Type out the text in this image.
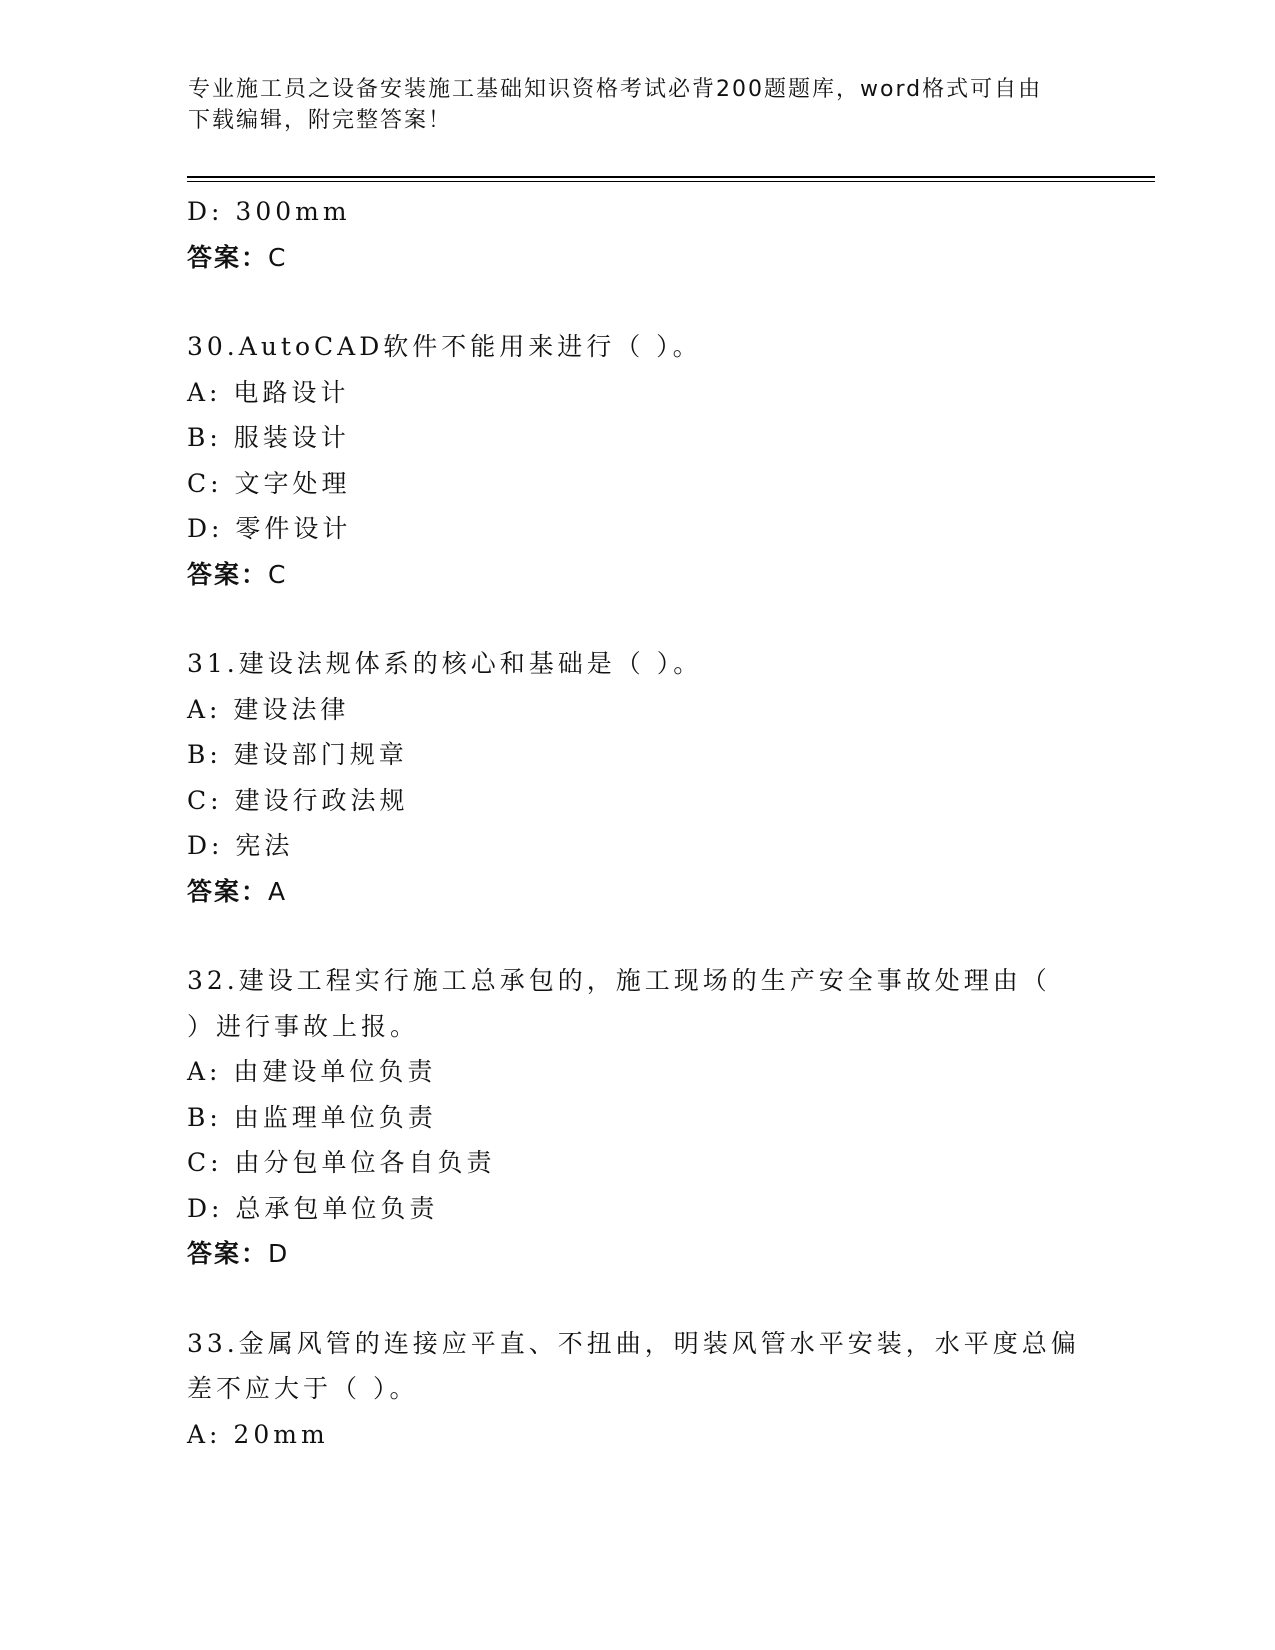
专业施工员之设备安装施工基础知识资格考试必背200题题库，word格式可自由
下载编辑，附完整答案！
D: 300mm
答案：C
30.AutoCAD软件不能用来进行（ ）。
A: 电路设计
B: 服装设计
C: 文字处理
D: 零件设计
答案：C
31.建设法规体系的核心和基础是（ ）。
A: 建设法律
B: 建设部门规章
C: 建设行政法规
D: 宪法
答案：A
32.建设工程实行施工总承包的，施工现场的生产安全事故处理由（
）进行事故上报。
A: 由建设单位负责
B: 由监理单位负责
C: 由分包单位各自负责
D: 总承包单位负责
答案：D
33.金属风管的连接应平直、不扭曲，明装风管水平安装，水平度总偏
差不应大于（ ）。
A: 20mm
